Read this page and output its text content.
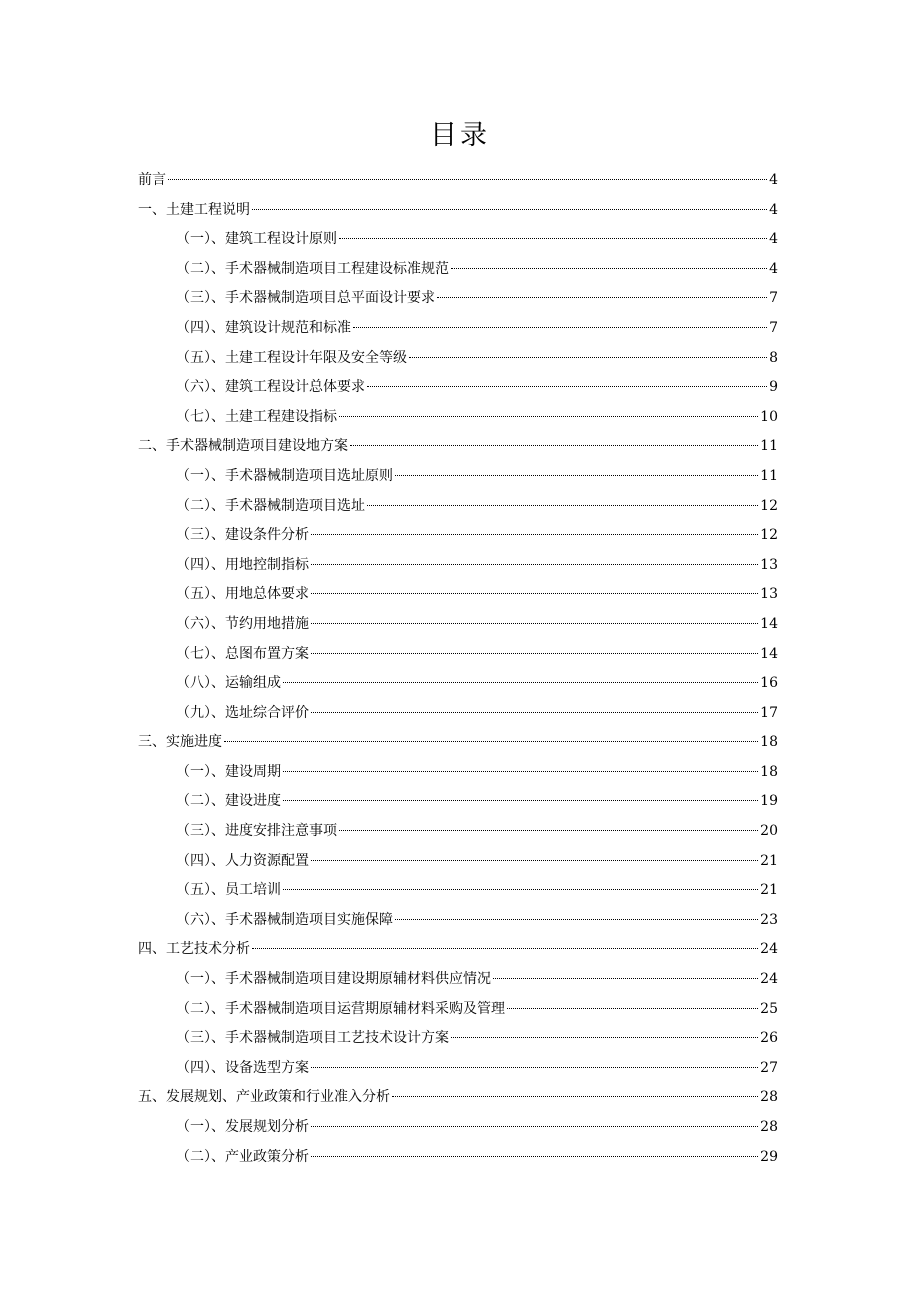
目录
前言	4
一、土建工程说明	4
（一）、建筑工程设计原则	4
（二）、手术器械制造项目工程建设标准规范	4
（三）、手术器械制造项目总平面设计要求	7
（四）、建筑设计规范和标准	7
（五）、土建工程设计年限及安全等级	8
（六）、建筑工程设计总体要求	9
（七）、土建工程建设指标	10
二、手术器械制造项目建设地方案	11
（一）、手术器械制造项目选址原则	11
（二）、手术器械制造项目选址	12
（三）、建设条件分析	12
（四）、用地控制指标	13
（五）、用地总体要求	13
（六）、节约用地措施	14
（七）、总图布置方案	14
（八）、运输组成	16
（九）、选址综合评价	17
三、实施进度	18
（一）、建设周期	18
（二）、建设进度	19
（三）、进度安排注意事项	20
（四）、人力资源配置	21
（五）、员工培训	21
（六）、手术器械制造项目实施保障	23
四、工艺技术分析	24
（一）、手术器械制造项目建设期原辅材料供应情况	24
（二）、手术器械制造项目运营期原辅材料采购及管理	25
（三）、手术器械制造项目工艺技术设计方案	26
（四）、设备选型方案	27
五、发展规划、产业政策和行业准入分析	28
（一）、发展规划分析	28
（二）、产业政策分析	29
